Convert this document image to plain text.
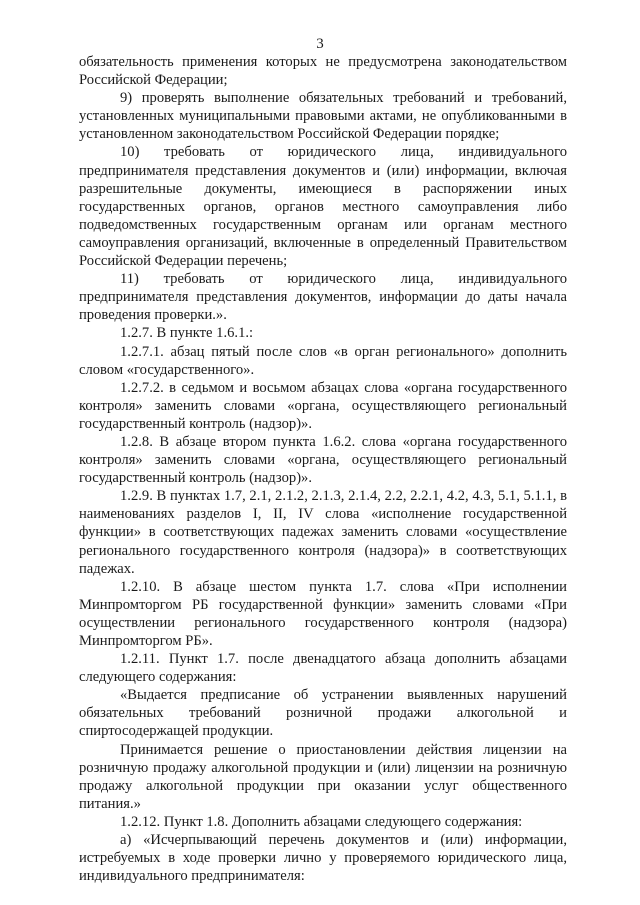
3

обязательность применения которых не предусмотрена законодательством Российской Федерации;

9) проверять выполнение обязательных требований и требований, установленных муниципальными правовыми актами, не опубликованными в установленном законодательством Российской Федерации порядке;

10) требовать от юридического лица, индивидуального предпринимателя представления документов и (или) информации, включая разрешительные документы, имеющиеся в распоряжении иных государственных органов, органов местного самоуправления либо подведомственных государственным органам или органам местного самоуправления организаций, включенные в определенный Правительством Российской Федерации перечень;

11) требовать от юридического лица, индивидуального предпринимателя представления документов, информации до даты начала проведения проверки.».

1.2.7. В пункте 1.6.1.:

1.2.7.1. абзац пятый после слов «в орган регионального» дополнить словом «государственного».

1.2.7.2. в седьмом и восьмом абзацах слова «органа государственного контроля» заменить словами «органа, осуществляющего региональный государственный контроль (надзор)».

1.2.8. В абзаце втором пункта 1.6.2. слова «органа государственного контроля» заменить словами «органа, осуществляющего региональный государственный контроль (надзор)».

1.2.9. В пунктах 1.7, 2.1, 2.1.2, 2.1.3, 2.1.4, 2.2, 2.2.1, 4.2, 4.3, 5.1, 5.1.1, в наименованиях разделов I, II, IV слова «исполнение государственной функции» в соответствующих падежах заменить словами «осуществление регионального государственного контроля (надзора)» в соответствующих падежах.

1.2.10. В абзаце шестом пункта 1.7. слова «При исполнении Минпромторгом РБ государственной функции» заменить словами «При осуществлении регионального государственного контроля (надзора) Минпромторгом РБ».

1.2.11. Пункт 1.7. после двенадцатого абзаца дополнить абзацами следующего содержания:

«Выдается предписание об устранении выявленных нарушений обязательных требований розничной продажи алкогольной и спиртосодержащей продукции.

Принимается решение о приостановлении действия лицензии на розничную продажу алкогольной продукции и (или) лицензии на розничную продажу алкогольной продукции при оказании услуг общественного питания.»

1.2.12. Пункт 1.8. Дополнить абзацами следующего содержания:

а) «Исчерпывающий перечень документов и (или) информации, истребуемых в ходе проверки лично у проверяемого юридического лица, индивидуального предпринимателя:
